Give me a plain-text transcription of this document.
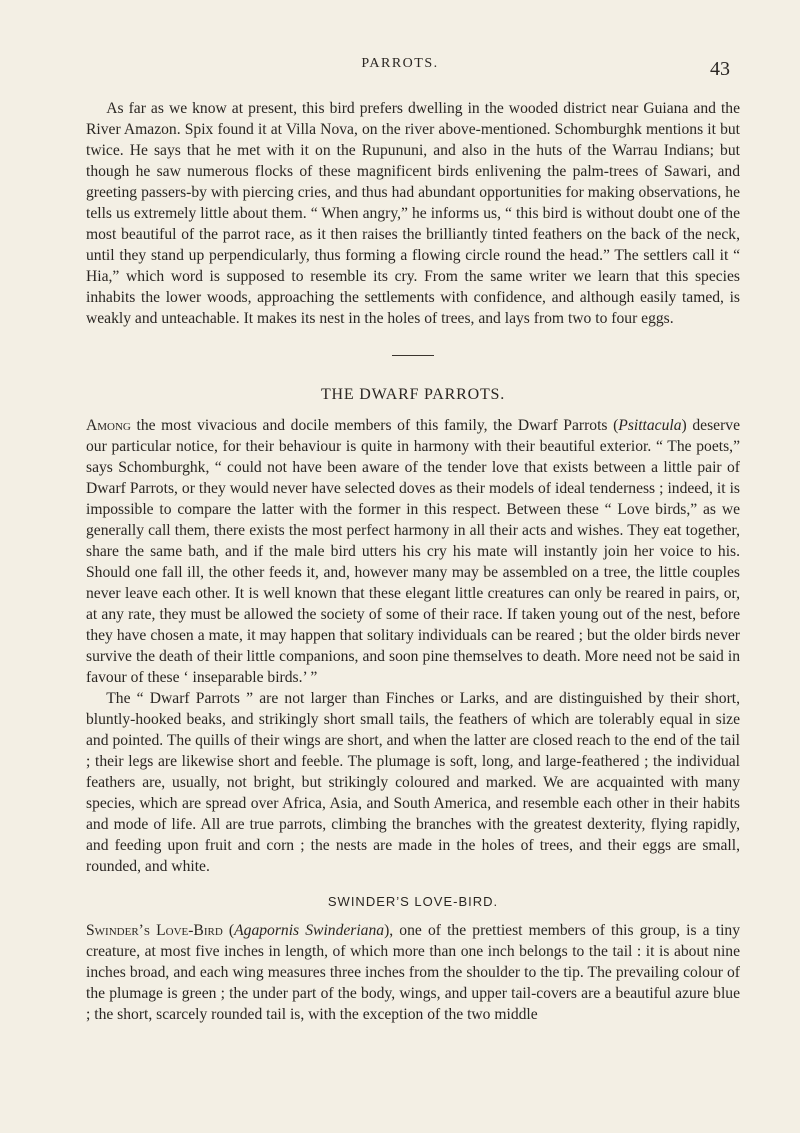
PARROTS.	43

As far as we know at present, this bird prefers dwelling in the wooded district near Guiana and the River Amazon. Spix found it at Villa Nova, on the river above-mentioned. Schomburghk mentions it but twice. He says that he met with it on the Rupununi, and also in the huts of the Warrau Indians; but though he saw numerous flocks of these magnificent birds enlivening the palm-trees of Sawari, and greeting passers-by with piercing cries, and thus had abundant opportunities for making observations, he tells us extremely little about them. “ When angry,” he informs us, “ this bird is without doubt one of the most beautiful of the parrot race, as it then raises the brilliantly tinted feathers on the back of the neck, until they stand up perpendicularly, thus forming a flowing circle round the head.” The settlers call it “ Hia,” which word is supposed to resemble its cry. From the same writer we learn that this species inhabits the lower woods, approaching the settlements with confidence, and although easily tamed, is weakly and unteachable. It makes its nest in the holes of trees, and lays from two to four eggs.

THE DWARF PARROTS.

Among the most vivacious and docile members of this family, the Dwarf Parrots (Psittacula) deserve our particular notice, for their behaviour is quite in harmony with their beautiful exterior. “ The poets,” says Schomburghk, “ could not have been aware of the tender love that exists between a little pair of Dwarf Parrots, or they would never have selected doves as their models of ideal tenderness ; indeed, it is impossible to compare the latter with the former in this respect. Between these “ Love birds,” as we generally call them, there exists the most perfect harmony in all their acts and wishes. They eat together, share the same bath, and if the male bird utters his cry his mate will instantly join her voice to his. Should one fall ill, the other feeds it, and, however many may be assembled on a tree, the little couples never leave each other. It is well known that these elegant little creatures can only be reared in pairs, or, at any rate, they must be allowed the society of some of their race. If taken young out of the nest, before they have chosen a mate, it may happen that solitary individuals can be reared ; but the older birds never survive the death of their little companions, and soon pine themselves to death. More need not be said in favour of these ‘ inseparable birds.’ ”

The “ Dwarf Parrots ” are not larger than Finches or Larks, and are distinguished by their short, bluntly-hooked beaks, and strikingly short small tails, the feathers of which are tolerably equal in size and pointed. The quills of their wings are short, and when the latter are closed reach to the end of the tail ; their legs are likewise short and feeble. The plumage is soft, long, and large-feathered ; the individual feathers are, usually, not bright, but strikingly coloured and marked. We are acquainted with many species, which are spread over Africa, Asia, and South America, and resemble each other in their habits and mode of life. All are true parrots, climbing the branches with the greatest dexterity, flying rapidly, and feeding upon fruit and corn ; the nests are made in the holes of trees, and their eggs are small, rounded, and white.

SWINDER’S LOVE-BIRD.

Swinder’s Love-Bird (Agapornis Swinderiana), one of the prettiest members of this group, is a tiny creature, at most five inches in length, of which more than one inch belongs to the tail : it is about nine inches broad, and each wing measures three inches from the shoulder to the tip. The prevailing colour of the plumage is green ; the under part of the body, wings, and upper tail-covers are a beautiful azure blue ; the short, scarcely rounded tail is, with the exception of the two middle
